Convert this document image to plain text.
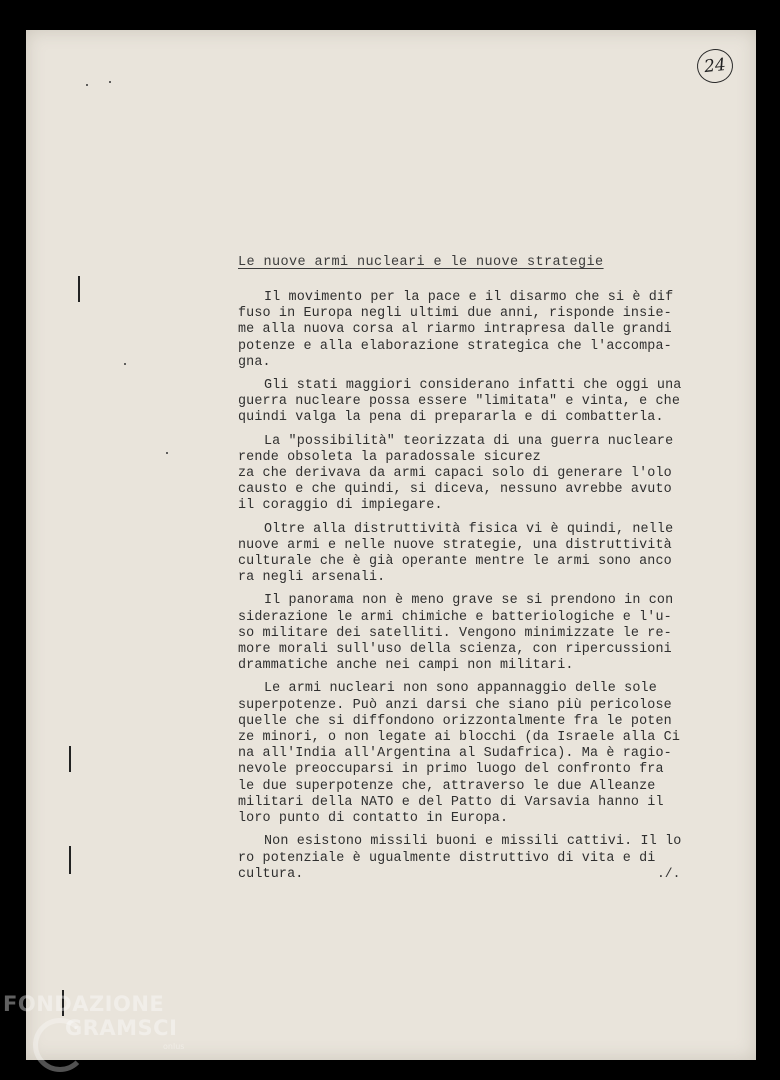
24
Le nuove armi nucleari e le nuove strategie

Il movimento per la pace e il disarmo che si è dif
fuso in Europa negli ultimi due anni, risponde insie-
me alla nuova corsa al riarmo intrapresa dalle grandi
potenze e alla elaborazione strategica che l'accompa-
gna.

Gli stati maggiori considerano infatti che oggi una
guerra nucleare possa essere "limitata" e vinta, e che
quindi valga la pena di prepararla e di combatterla.

La "possibilità" teorizzata di una guerra nucleare
rende obsoleta la paradossale sicurez
za che derivava da armi capaci solo di generare l'olo
causto e che quindi, si diceva, nessuno avrebbe avuto
il coraggio di impiegare.

Oltre alla distruttività fisica vi è quindi, nelle
nuove armi e nelle nuove strategie, una distruttività
culturale che è già operante mentre le armi sono anco
ra negli arsenali.

Il panorama non è meno grave se si prendono in con
siderazione le armi chimiche e batteriologiche e l'u-
so militare dei satelliti. Vengono minimizzate le re-
more morali sull'uso della scienza, con ripercussioni
drammatiche anche nei campi non militari.

Le armi nucleari non sono appannaggio delle sole
superpotenze. Può anzi darsi che siano più pericolose
quelle che si diffondono orizzontalmente fra le poten
ze minori, o non legate ai blocchi (da Israele alla Ci
na all'India all'Argentina al Sudafrica). Ma è ragio-
nevole preoccuparsi in primo luogo del confronto fra
le due superpotenze che, attraverso le due Alleanze
militari della NATO e del Patto di Varsavia hanno il
loro punto di contatto in Europa.

Non esistono missili buoni e missili cattivi. Il lo
ro potenziale è ugualmente distruttivo di vita e di
cultura.	./.
FONDAZIONE
GRAMSCI
onlus
